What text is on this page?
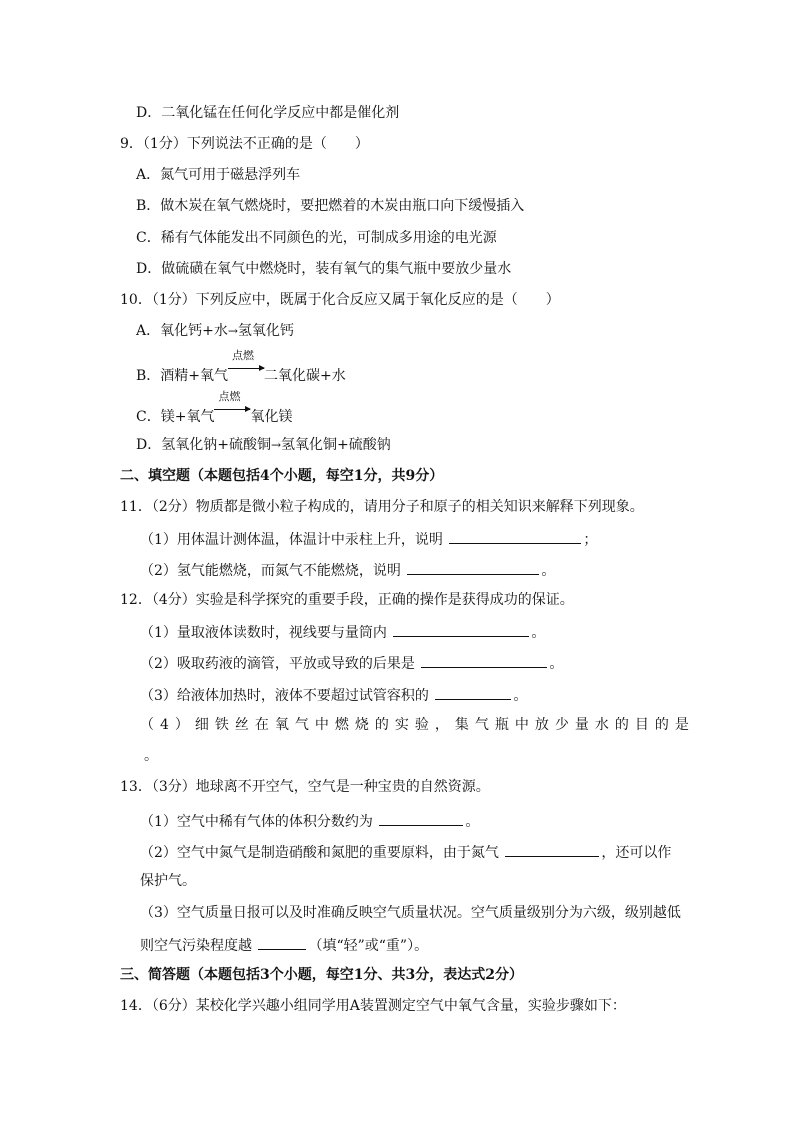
D．二氧化锰在任何化学反应中都是催化剂
9．（1分）下列说法不正确的是（　　）
A．氮气可用于磁悬浮列车
B．做木炭在氧气燃烧时，要把燃着的木炭由瓶口向下缓慢插入
C．稀有气体能发出不同颜色的光，可制成多用途的电光源
D．做硫磺在氧气中燃烧时，装有氧气的集气瓶中要放少量水
10．（1分）下列反应中，既属于化合反应又属于氧化反应的是（　　）
A．氧化钙+水→氢氧化钙
B．酒精+氧气
点燃
二氧化碳+水
C．镁+氧气
点燃
氧化镁
D．氢氧化钠+硫酸铜→氢氧化铜+硫酸钠
二、填空题（本题包括4个小题，每空1分，共9分）
11．（2分）物质都是微小粒子构成的，请用分子和原子的相关知识来解释下列现象。
（1）用体温计测体温，体温计中汞柱上升，说明	；
（2）氢气能燃烧，而氮气不能燃烧，说明	。
12．（4分）实验是科学探究的重要手段，正确的操作是获得成功的保证。
（1）量取液体读数时，视线要与量筒内	。
（2）吸取药液的滴管，平放或导致的后果是	。
（3）给液体加热时，液体不要超过试管容积的	。
（4）细铁丝在氧气中燃烧的实验，集气瓶中放少量水的目的是
。
13．（3分）地球离不开空气，空气是一种宝贵的自然资源。
（1）空气中稀有气体的体积分数约为	。
（2）空气中氮气是制造硝酸和氮肥的重要原料，由于氮气	，还可以作
保护气。
（3）空气质量日报可以及时准确反映空气质量状况。空气质量级别分为六级，级别越低
则空气污染程度越	（填“轻”或“重”）。
三、简答题（本题包括3个小题，每空1分、共3分，表达式2分）
14．（6分）某校化学兴趣小组同学用A装置测定空气中氧气含量，实验步骤如下：
